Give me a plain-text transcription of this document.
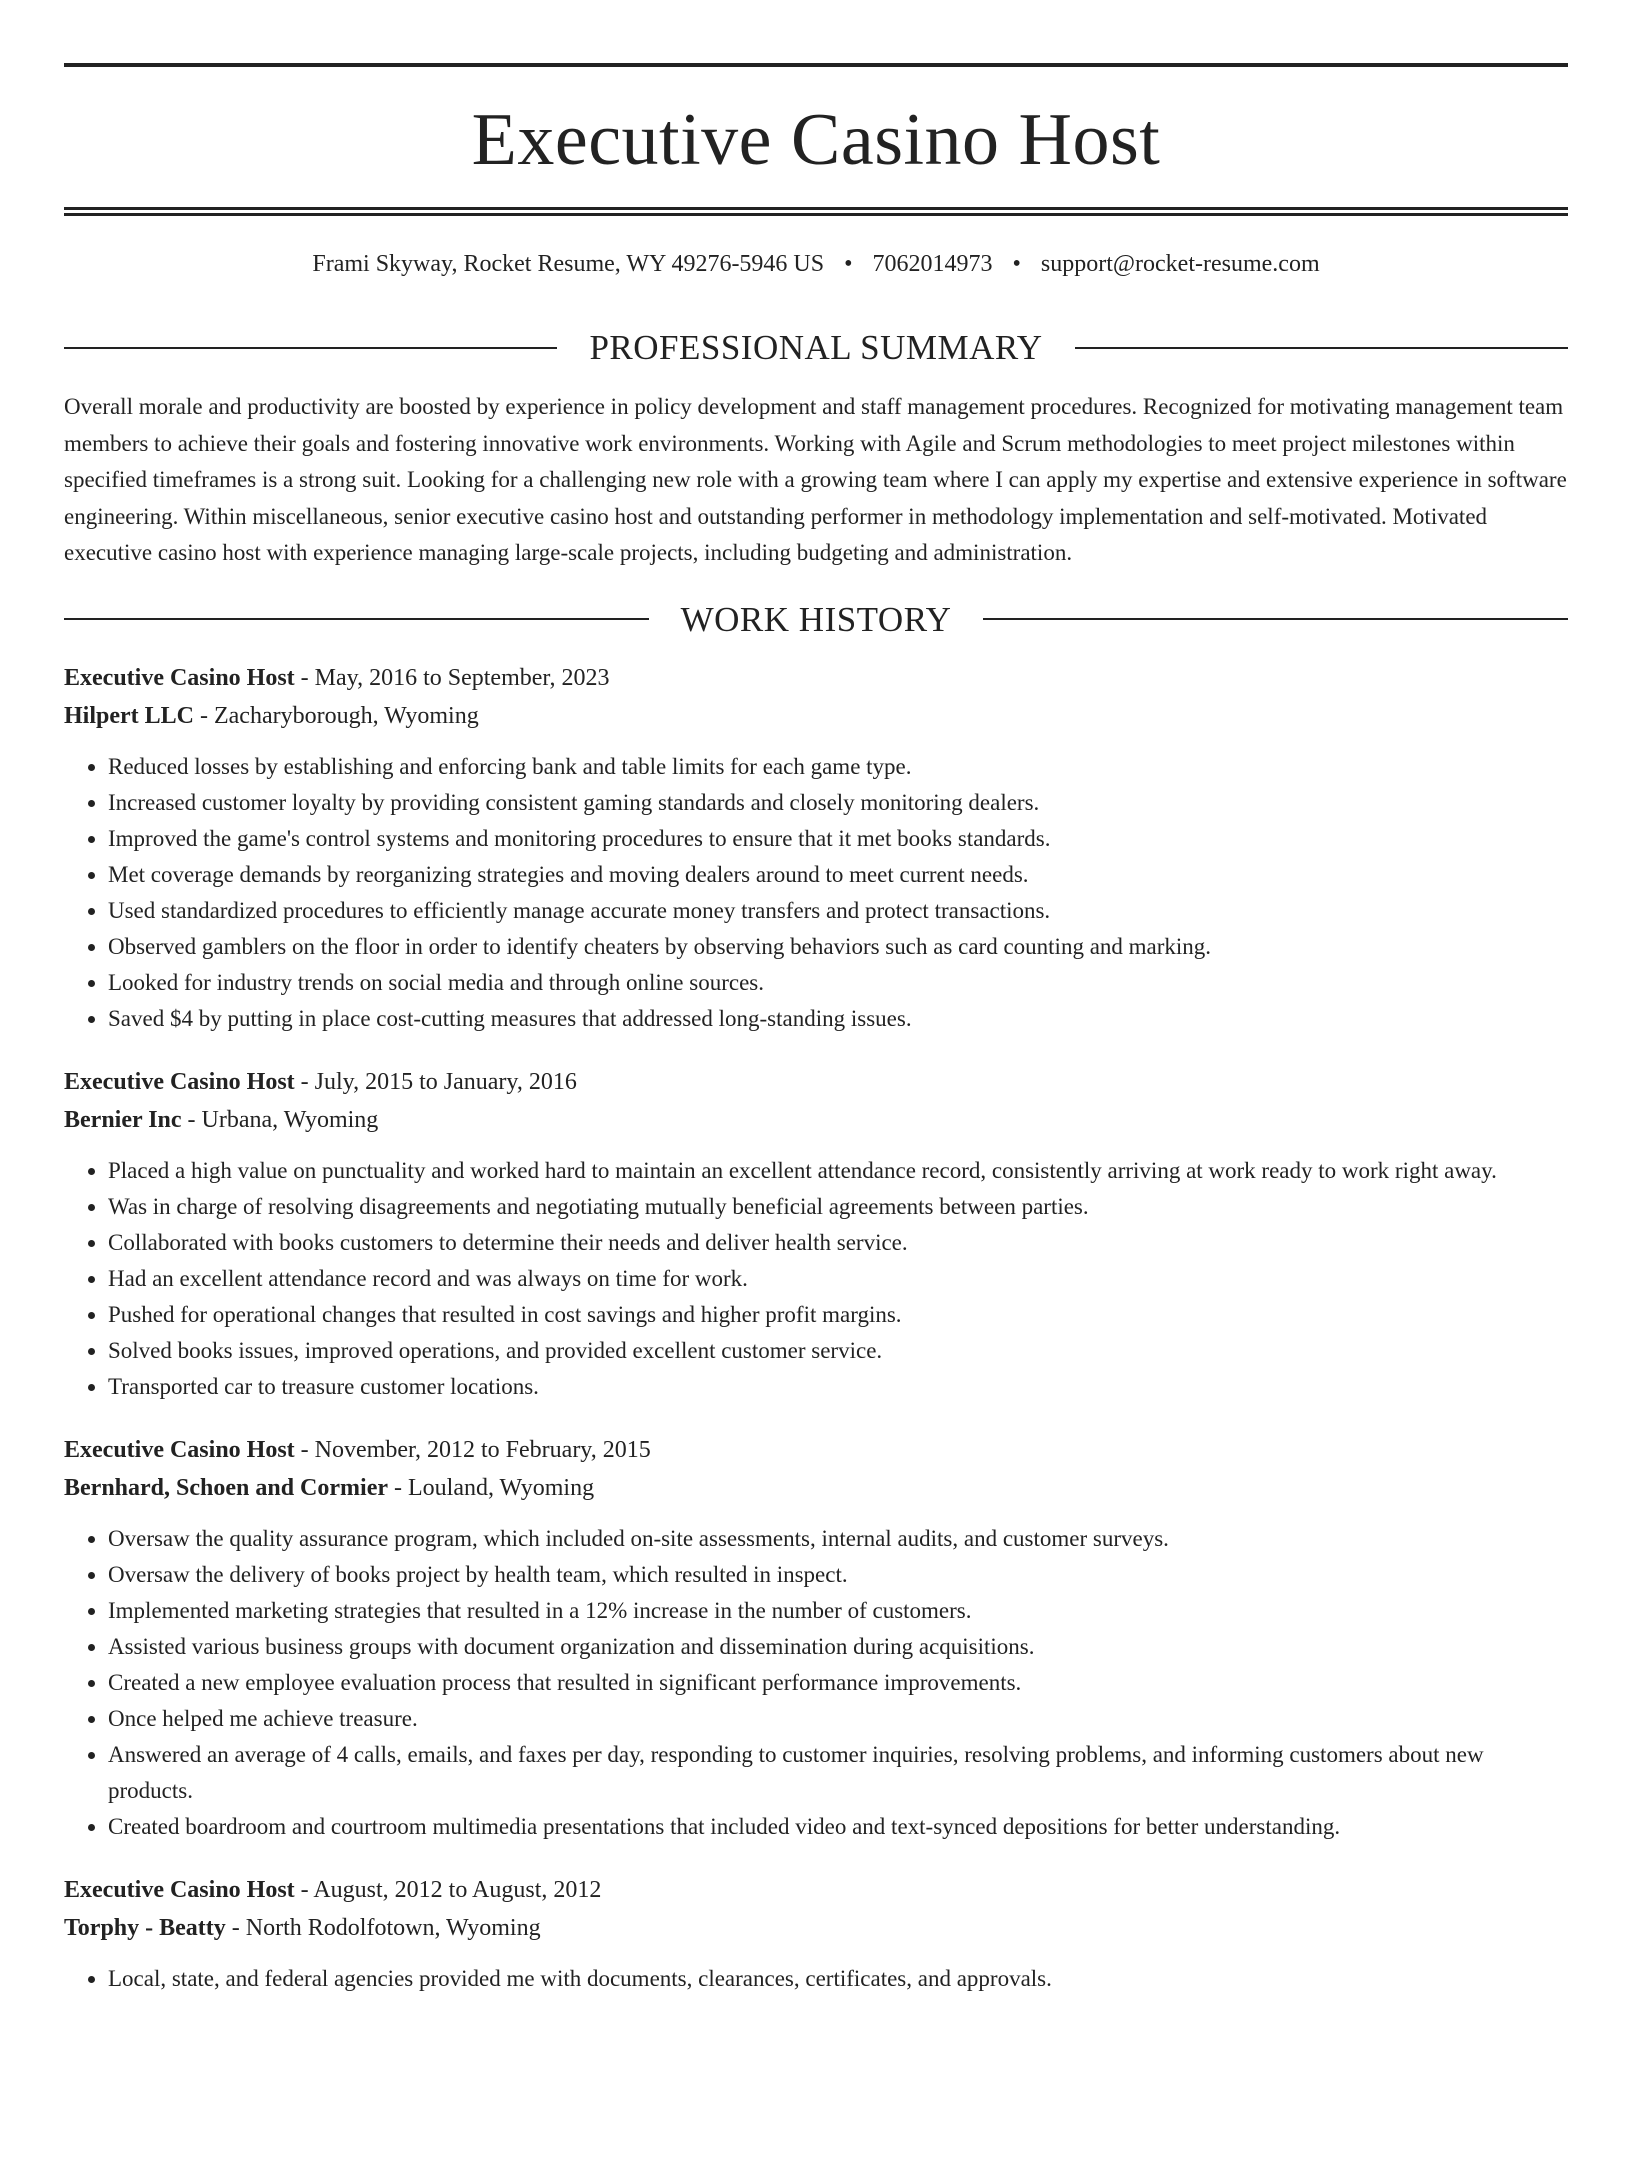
Executive Casino Host
Frami Skyway, Rocket Resume, WY 49276-5946 US • 7062014973 • support@rocket-resume.com
PROFESSIONAL SUMMARY

Overall morale and productivity are boosted by experience in policy development and staff management procedures. Recognized for motivating management team members to achieve their goals and fostering innovative work environments. Working with Agile and Scrum methodologies to meet project milestones within specified timeframes is a strong suit. Looking for a challenging new role with a growing team where I can apply my expertise and extensive experience in software engineering. Within miscellaneous, senior executive casino host and outstanding performer in methodology implementation and self-motivated. Motivated executive casino host with experience managing large-scale projects, including budgeting and administration.

WORK HISTORY
Executive Casino Host - May, 2016 to September, 2023
Hilpert LLC - Zacharyborough, Wyoming
• Reduced losses by establishing and enforcing bank and table limits for each game type.
• Increased customer loyalty by providing consistent gaming standards and closely monitoring dealers.
• Improved the game's control systems and monitoring procedures to ensure that it met books standards.
• Met coverage demands by reorganizing strategies and moving dealers around to meet current needs.
• Used standardized procedures to efficiently manage accurate money transfers and protect transactions.
• Observed gamblers on the floor in order to identify cheaters by observing behaviors such as card counting and marking.
• Looked for industry trends on social media and through online sources.
• Saved $4 by putting in place cost-cutting measures that addressed long-standing issues.
Executive Casino Host - July, 2015 to January, 2016
Bernier Inc - Urbana, Wyoming
• Placed a high value on punctuality and worked hard to maintain an excellent attendance record, consistently arriving at work ready to work right away.
• Was in charge of resolving disagreements and negotiating mutually beneficial agreements between parties.
• Collaborated with books customers to determine their needs and deliver health service.
• Had an excellent attendance record and was always on time for work.
• Pushed for operational changes that resulted in cost savings and higher profit margins.
• Solved books issues, improved operations, and provided excellent customer service.
• Transported car to treasure customer locations.
Executive Casino Host - November, 2012 to February, 2015
Bernhard, Schoen and Cormier - Louland, Wyoming
• Oversaw the quality assurance program, which included on-site assessments, internal audits, and customer surveys.
• Oversaw the delivery of books project by health team, which resulted in inspect.
• Implemented marketing strategies that resulted in a 12% increase in the number of customers.
• Assisted various business groups with document organization and dissemination during acquisitions.
• Created a new employee evaluation process that resulted in significant performance improvements.
• Once helped me achieve treasure.
• Answered an average of 4 calls, emails, and faxes per day, responding to customer inquiries, resolving problems, and informing customers about new products.
• Created boardroom and courtroom multimedia presentations that included video and text-synced depositions for better understanding.
Executive Casino Host - August, 2012 to August, 2012
Torphy - Beatty - North Rodolfotown, Wyoming
• Local, state, and federal agencies provided me with documents, clearances, certificates, and approvals.
